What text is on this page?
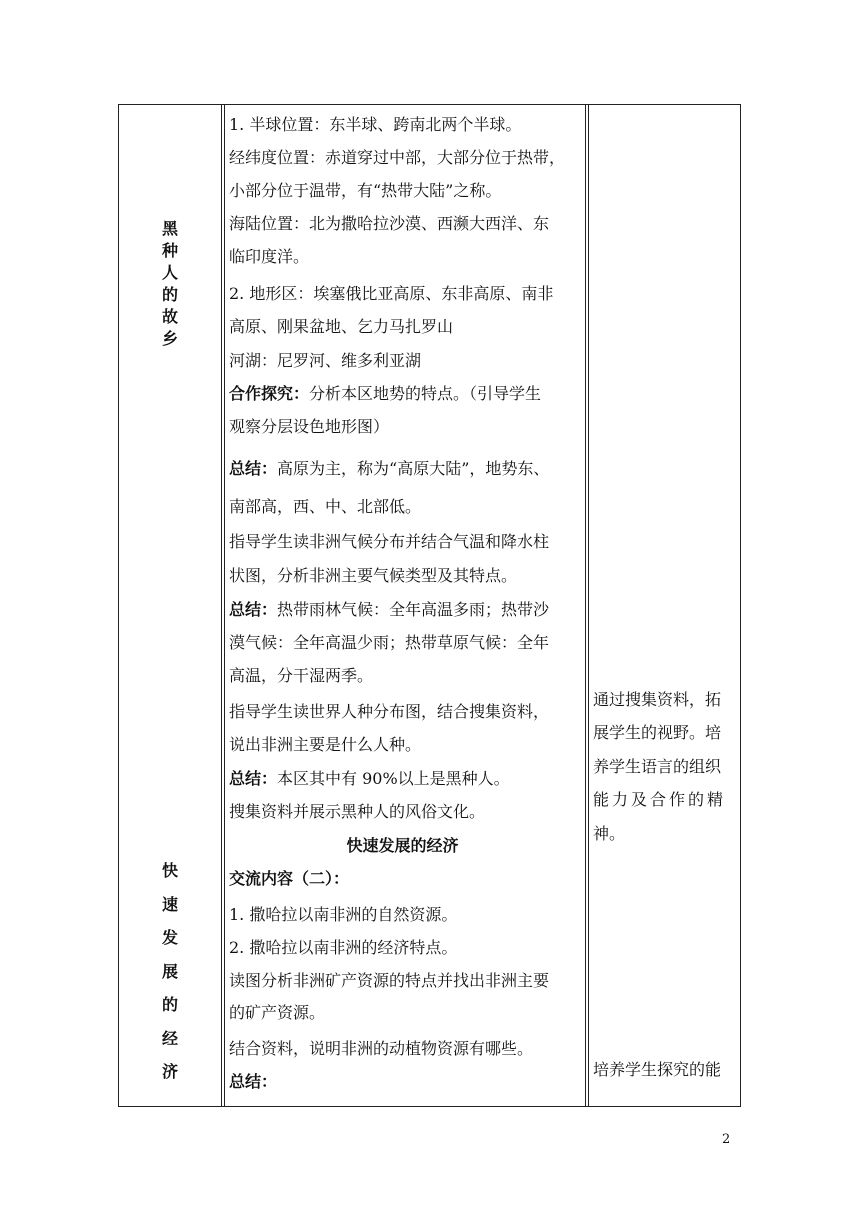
黑
种
人
的
故
乡
快
速
发
展
的
经
济
1. 半球位置：东半球、跨南北两个半球。
经纬度位置：赤道穿过中部，大部分位于热带，
小部分位于温带，有“热带大陆”之称。
海陆位置：北为撒哈拉沙漠、西濒大西洋、东
临印度洋。
2. 地形区：埃塞俄比亚高原、东非高原、南非
高原、刚果盆地、乞力马扎罗山
河湖：尼罗河、维多利亚湖
合作探究：分析本区地势的特点。（引导学生
观察分层设色地形图）
总结：高原为主，称为“高原大陆”，地势东、
南部高，西、中、北部低。
指导学生读非洲气候分布并结合气温和降水柱
状图，分析非洲主要气候类型及其特点。
总结：热带雨林气候：全年高温多雨；热带沙
漠气候：全年高温少雨；热带草原气候：全年
高温，分干湿两季。
指导学生读世界人种分布图，结合搜集资料，
说出非洲主要是什么人种。
总结：本区其中有 90%以上是黑种人。
搜集资料并展示黑种人的风俗文化。
快速发展的经济
交流内容（二）：
1. 撒哈拉以南非洲的自然资源。
2. 撒哈拉以南非洲的经济特点。
读图分析非洲矿产资源的特点并找出非洲主要
的矿产资源。
结合资料，说明非洲的动植物资源有哪些。
总结：
通过搜集资料，拓
展学生的视野。培
养学生语言的组织
能力及合作的精
神。
培养学生探究的能
2
